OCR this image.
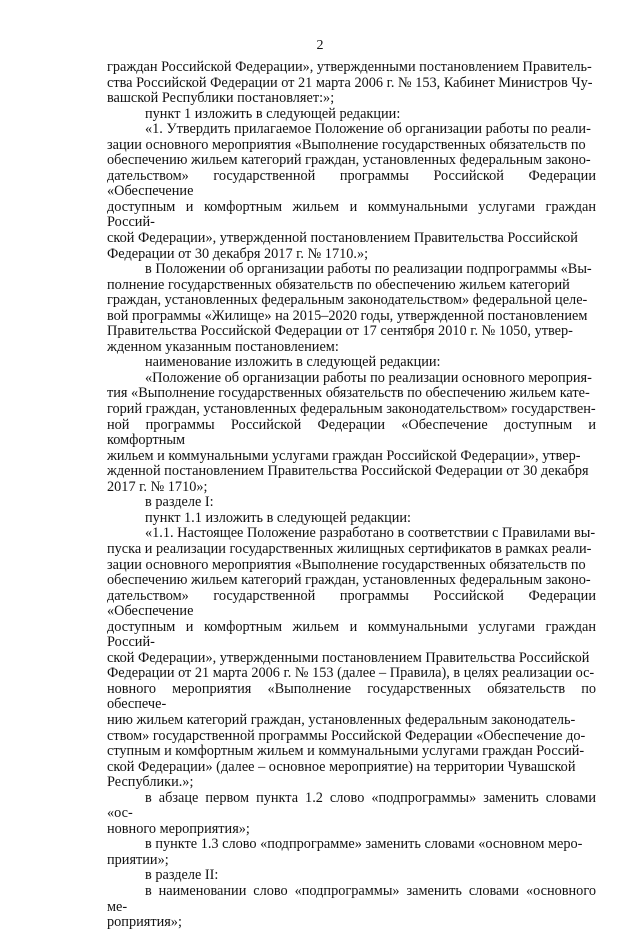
2

граждан Российской Федерации», утвержденными постановлением Правитель-
ства Российской Федерации от 21 марта 2006 г. № 153, Кабинет Министров Чу-
вашской Республики постановляет:»;

пункт 1 изложить в следующей редакции:

«1. Утвердить прилагаемое Положение об организации работы по реали-
зации основного мероприятия «Выполнение государственных обязательств по
обеспечению жильем категорий граждан, установленных федеральным законо-
дательством» государственной программы Российской Федерации «Обеспечение
доступным и комфортным жильем и коммунальными услугами граждан Россий-
ской Федерации», утвержденной постановлением Правительства Российской
Федерации от 30 декабря 2017 г. № 1710.»;

в Положении об организации работы по реализации подпрограммы «Вы-
полнение государственных обязательств по обеспечению жильем категорий
граждан, установленных федеральным законодательством» федеральной целе-
вой программы «Жилище» на 2015–2020 годы, утвержденной постановлением
Правительства Российской Федерации от 17 сентября 2010 г. № 1050, утвер-
жденном указанным постановлением:

наименование изложить в следующей редакции:

«Положение об организации работы по реализации основного мероприя-
тия «Выполнение государственных обязательств по обеспечению жильем кате-
горий граждан, установленных федеральным законодательством» государствен-
ной программы Российской Федерации «Обеспечение доступным и комфортным
жильем и коммунальными услугами граждан Российской Федерации», утвер-
жденной постановлением Правительства Российской Федерации от 30 декабря
2017 г. № 1710»;

в разделе I:

пункт 1.1 изложить в следующей редакции:

«1.1. Настоящее Положение разработано в соответствии с Правилами вы-
пуска и реализации государственных жилищных сертификатов в рамках реали-
зации основного мероприятия «Выполнение государственных обязательств по
обеспечению жильем категорий граждан, установленных федеральным законо-
дательством» государственной программы Российской Федерации «Обеспечение
доступным и комфортным жильем и коммунальными услугами граждан Россий-
ской Федерации», утвержденными постановлением Правительства Российской
Федерации от 21 марта 2006 г. № 153 (далее – Правила), в целях реализации ос-
новного мероприятия «Выполнение государственных обязательств по обеспече-
нию жильем категорий граждан, установленных федеральным законодатель-
ством» государственной программы Российской Федерации «Обеспечение до-
ступным и комфортным жильем и коммунальными услугами граждан Россий-
ской Федерации» (далее – основное мероприятие) на территории Чувашской
Республики.»;

в абзаце первом пункта 1.2 слово «подпрограммы» заменить словами «ос-
новного мероприятия»;

в пункте 1.3 слово «подпрограмме» заменить словами «основном меро-
приятии»;

в разделе II:

в наименовании слово «подпрограммы» заменить словами «основного ме-
роприятия»;
